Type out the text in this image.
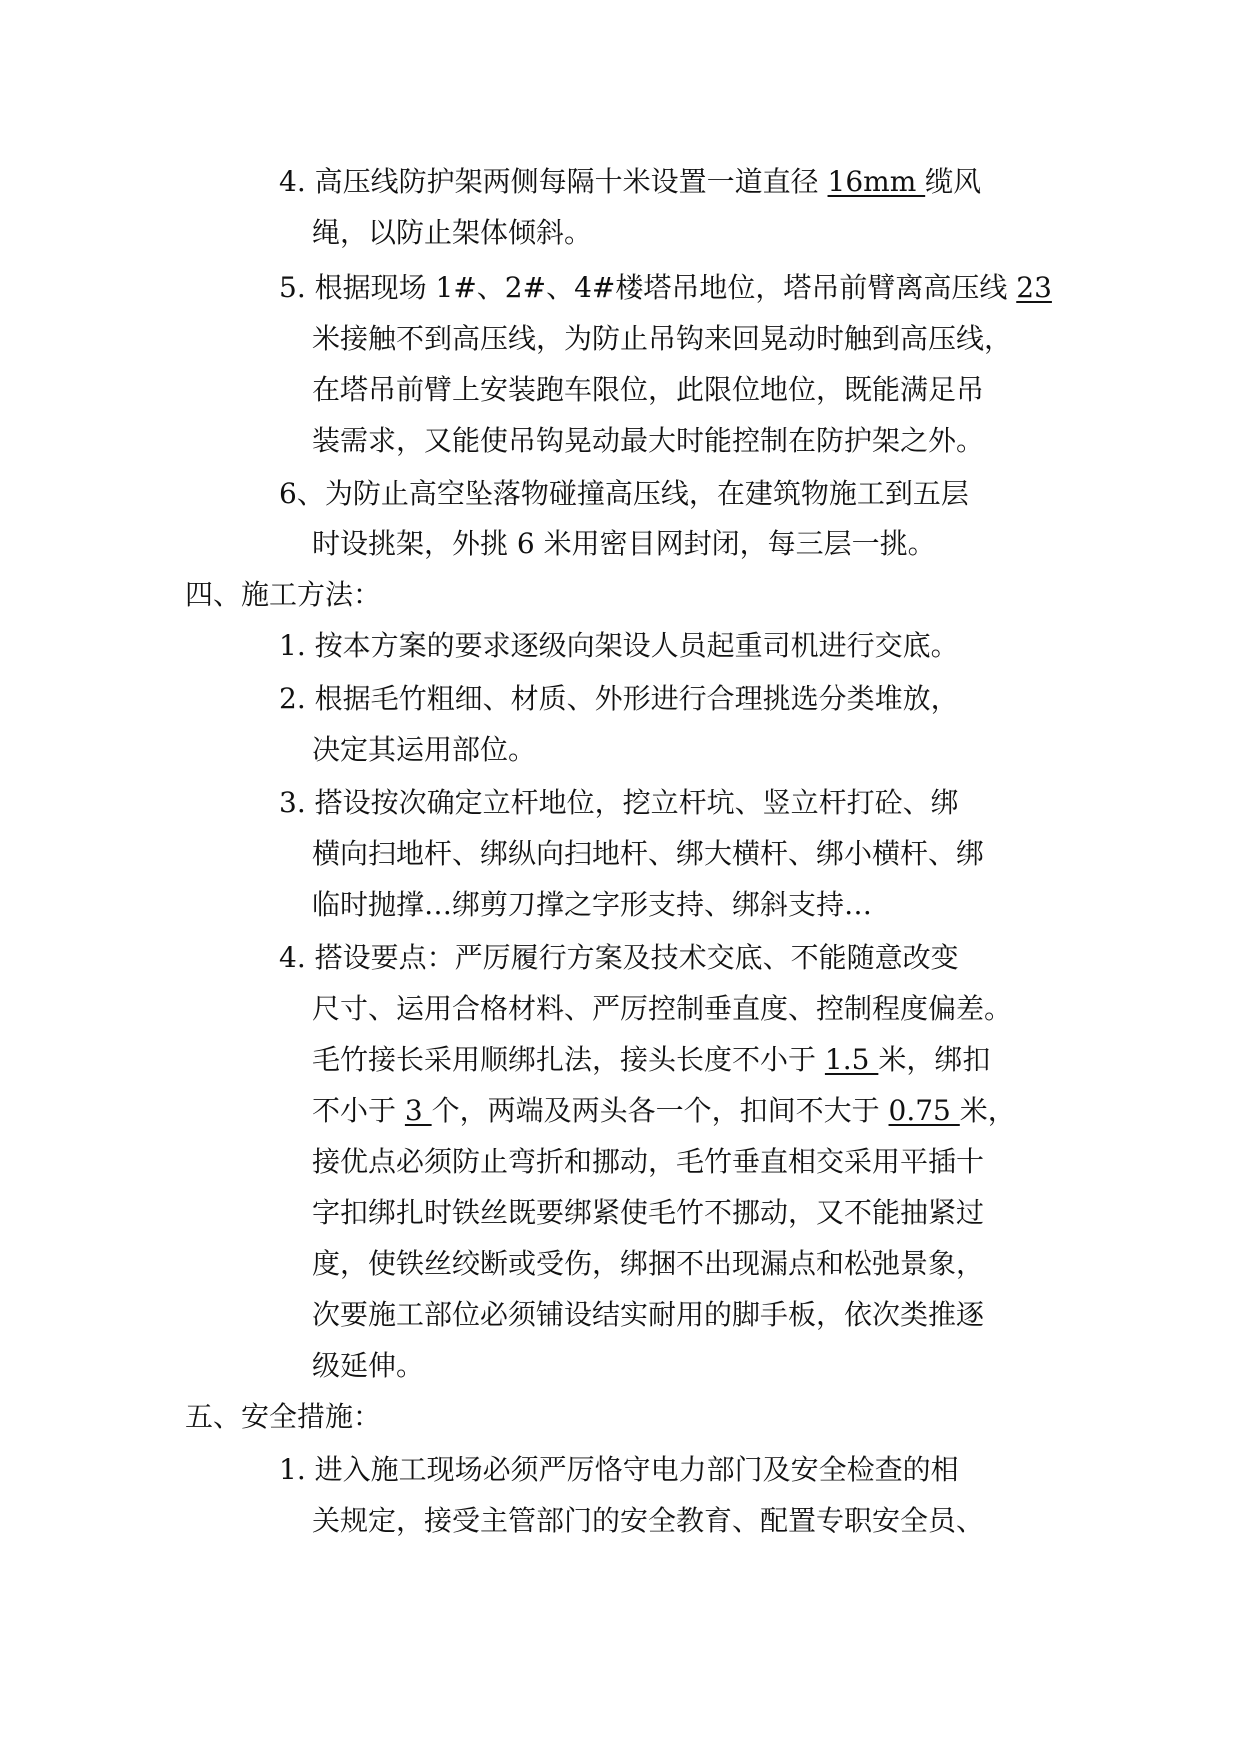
4. 高压线防护架两侧每隔十米设置一道直径 16mm 缆风
绳，以防止架体倾斜。
5. 根据现场 1#、2#、4#楼塔吊地位，塔吊前臂离高压线 23
米接触不到高压线，为防止吊钩来回晃动时触到高压线，
在塔吊前臂上安装跑车限位，此限位地位，既能满足吊
装需求，又能使吊钩晃动最大时能控制在防护架之外。
6、为防止高空坠落物碰撞高压线，在建筑物施工到五层
时设挑架，外挑 6 米用密目网封闭，每三层一挑。
四、施工方法：
1. 按本方案的要求逐级向架设人员起重司机进行交底。
2. 根据毛竹粗细、材质、外形进行合理挑选分类堆放，
决定其运用部位。
3. 搭设按次确定立杆地位，挖立杆坑、竖立杆打砼、绑
横向扫地杆、绑纵向扫地杆、绑大横杆、绑小横杆、绑
临时抛撑…绑剪刀撑之字形支持、绑斜支持…
4. 搭设要点：严厉履行方案及技术交底、不能随意改变
尺寸、运用合格材料、严厉控制垂直度、控制程度偏差。
毛竹接长采用顺绑扎法，接头长度不小于 1.5 米，绑扣
不小于 3 个，两端及两头各一个，扣间不大于 0.75 米，
接优点必须防止弯折和挪动，毛竹垂直相交采用平插十
字扣绑扎时铁丝既要绑紧使毛竹不挪动，又不能抽紧过
度，使铁丝绞断或受伤，绑捆不出现漏点和松弛景象，
次要施工部位必须铺设结实耐用的脚手板，依次类推逐
级延伸。
五、安全措施：
1. 进入施工现场必须严厉恪守电力部门及安全检查的相
关规定，接受主管部门的安全教育、配置专职安全员、
